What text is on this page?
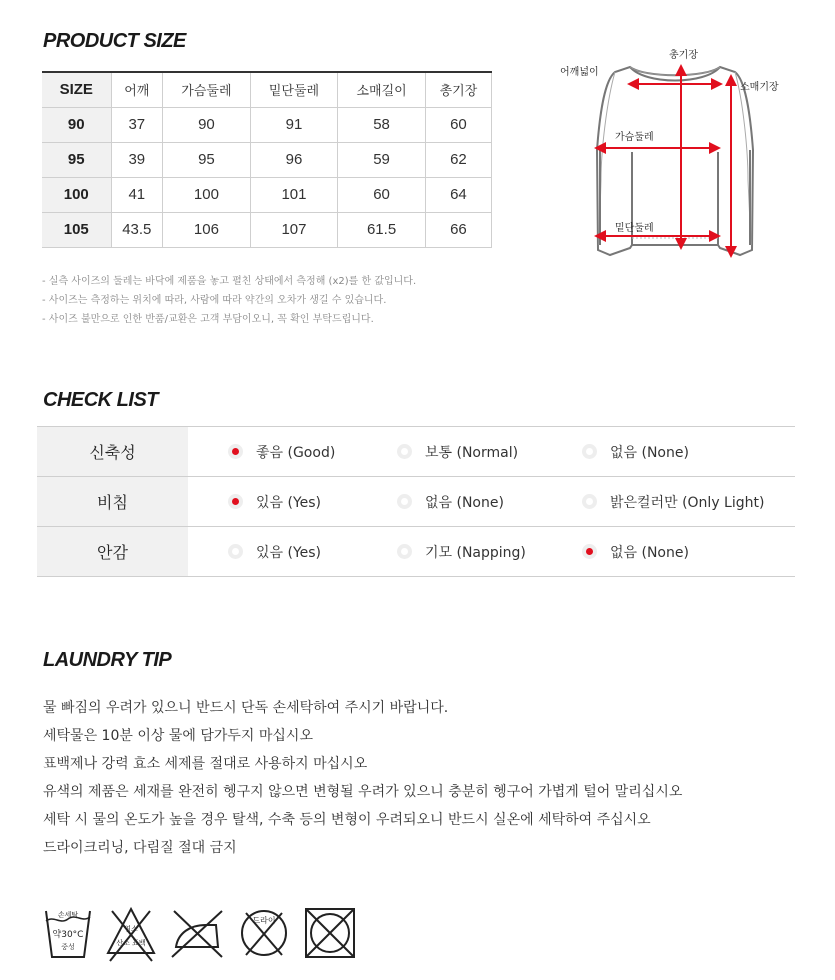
PRODUCT SIZE
SIZE	어깨	가슴둘레	밑단둘레	소매길이	총기장
90	37	90	91	58	60
95	39	95	96	59	62
100	41	100	101	60	64
105	43.5	106	107	61.5	66
- 실측 사이즈의 둘레는 바닥에 제품을 놓고 펼친 상태에서 측정해 (x2)를 한 값입니다.
- 사이즈는 측정하는 위치에 따라, 사람에 따라 약간의 오차가 생길 수 있습니다.
- 사이즈 불만으로 인한 반품/교환은 고객 부담이오니, 꼭 확인 부탁드립니다.
총기장
어깨넓이
소매기장
가슴둘레
밑단둘레
CHECK LIST
신축성	좋음 (Good)	보통 (Normal)	없음 (None)
비침	있음 (Yes)	없음 (None)	밝은컬러만 (Only Light)
안감	있음 (Yes)	기모 (Napping)	없음 (None)
LAUNDRY TIP
물 빠짐의 우려가 있으니 반드시 단독 손세탁하여 주시기 바랍니다.
세탁물은 10분 이상 물에 담가두지 마십시오
표백제나 강력 효소 세제를 절대로 사용하지 마십시오
유색의 제품은 세재를 완전히 헹구지 않으면 변형될 우려가 있으니 충분히 헹구어 가볍게 털어 말리십시오
세탁 시 물의 온도가 높을 경우 탈색, 수축 등의 변형이 우려되오니 반드시 실온에 세탁하여 주십시오
드라이크리닝, 다림질 절대 금지
손세탁
약30°C
중성
염소
산소 표백
드라이
